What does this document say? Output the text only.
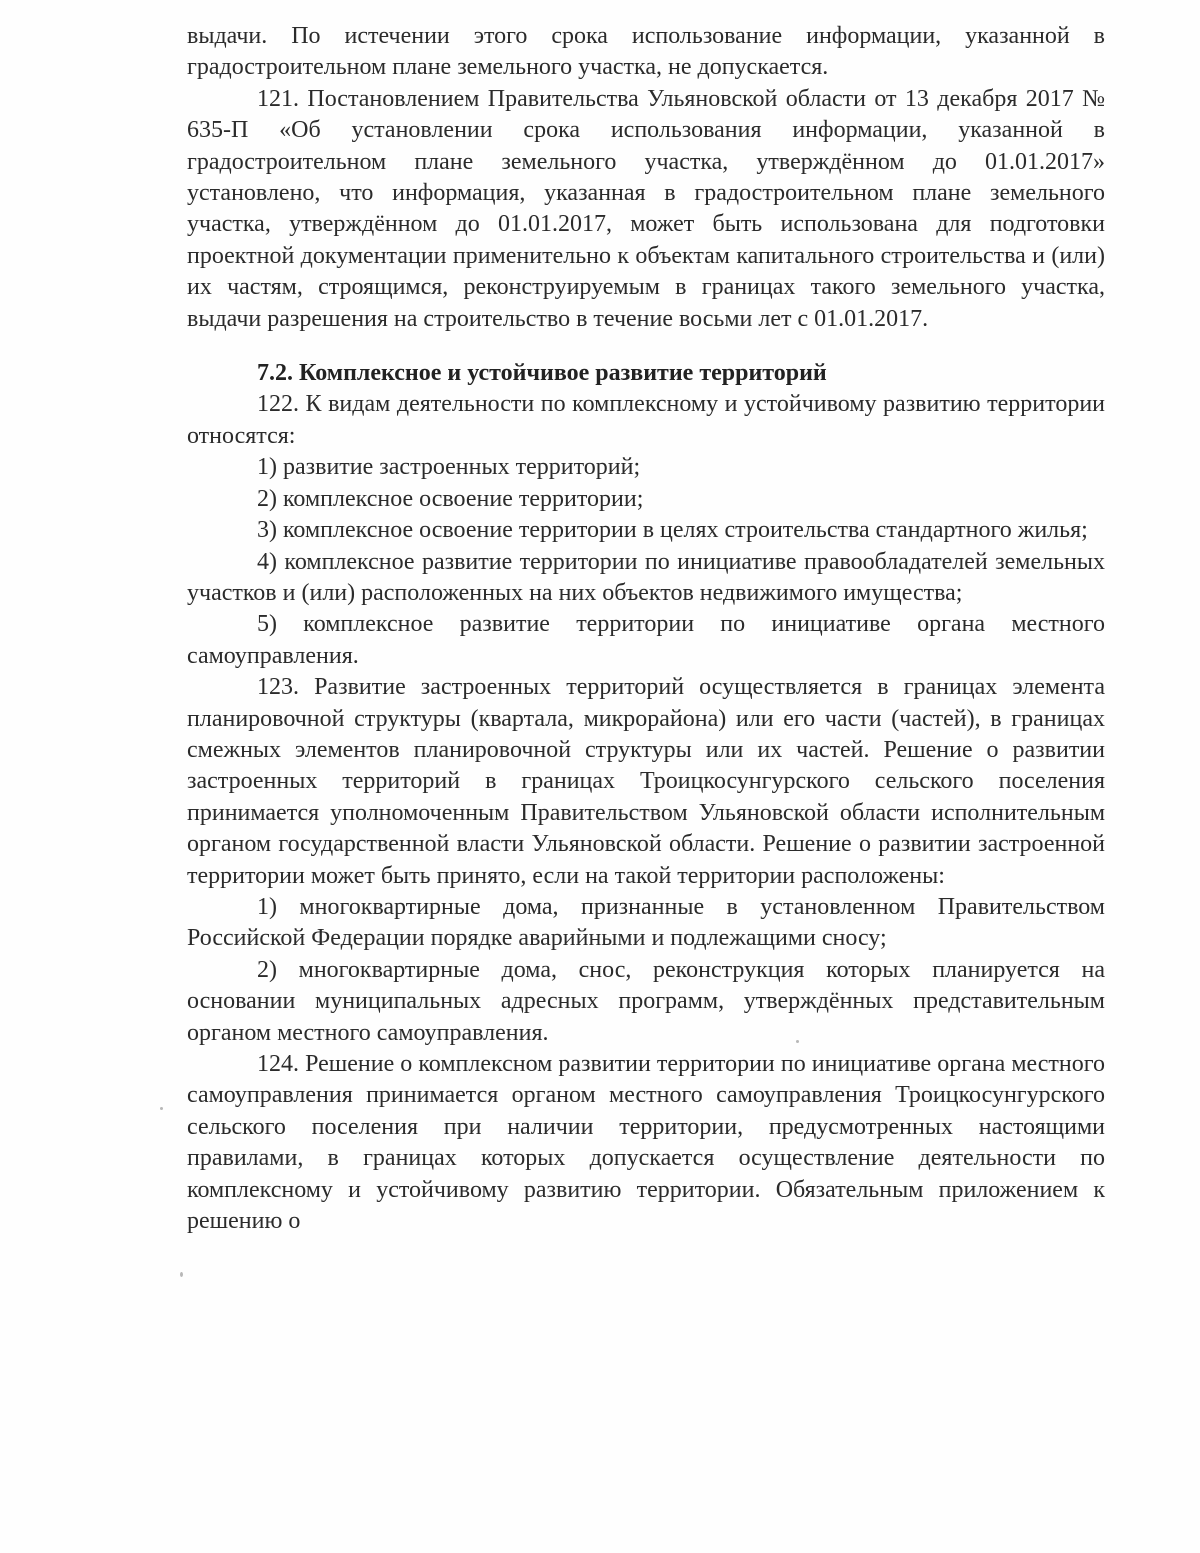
выдачи. По истечении этого срока использование информации, указанной в градостроительном плане земельного участка, не допускается.

121. Постановлением Правительства Ульяновской области от 13 декабря 2017 № 635-П «Об установлении срока использования информации, указанной в градостроительном плане земельного участка, утверждённом до 01.01.2017» установлено, что информация, указанная в градостроительном плане земельного участка, утверждённом до 01.01.2017, может быть использована для подготовки проектной документации применительно к объектам капитального строительства и (или) их частям, строящимся, реконструируемым в границах такого земельного участка, выдачи разрешения на строительство в течение восьми лет с 01.01.2017.

7.2. Комплексное и устойчивое развитие территорий

122. К видам деятельности по комплексному и устойчивому развитию территории относятся:

1) развитие застроенных территорий;

2) комплексное освоение территории;

3) комплексное освоение территории в целях строительства стандартного жилья;

4) комплексное развитие территории по инициативе правообладателей земельных участков и (или) расположенных на них объектов недвижимого имущества;

5) комплексное развитие территории по инициативе органа местного самоуправления.

123. Развитие застроенных территорий осуществляется в границах элемента планировочной структуры (квартала, микрорайона) или его части (частей), в границах смежных элементов планировочной структуры или их частей. Решение о развитии застроенных территорий в границах Троицкосунгурского сельского поселения принимается уполномоченным Правительством Ульяновской области исполнительным органом государственной власти Ульяновской области. Решение о развитии застроенной территории может быть принято, если на такой территории расположены:

1) многоквартирные дома, признанные в установленном Правительством Российской Федерации порядке аварийными и подлежащими сносу;

2) многоквартирные дома, снос, реконструкция которых планируется на основании муниципальных адресных программ, утверждённых представительным органом местного самоуправления.

124. Решение о комплексном развитии территории по инициативе органа местного самоуправления принимается органом местного самоуправления Троицкосунгурского сельского поселения при наличии территории, предусмотренных настоящими правилами, в границах которых допускается осуществление деятельности по комплексному и устойчивому развитию территории. Обязательным приложением к решению о
